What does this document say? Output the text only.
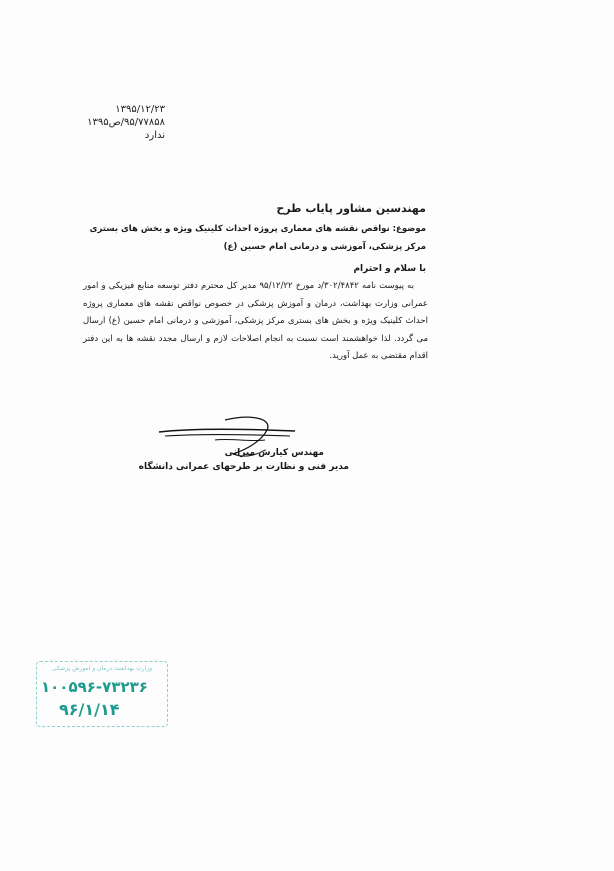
۱۳۹۵/۱۲/۲۳
۹۵/۷۷۸۵۸/ص۱۳۹۵
ندارد
مهندسین مشاور پایاب طرح
موضوع: نواقص نقشه های معماری پروژه احداث کلینیک ویژه و بخش های بستری مرکز پزشکی، آموزشی و درمانی امام حسین (ع)
با سلام و احترام

به پیوست نامه ۳۰۲/۴۸۴۲/د مورخ ۹۵/۱۲/۲۲ مدیر کل محترم دفتر توسعه منابع فیزیکی و امور عمرانی وزارت بهداشت، درمان و آموزش پزشکی در خصوص نواقص نقشه های معماری پروژه احداث کلینیک ویژه و بخش های بستری مرکز پزشکی، آموزشی و درمانی امام حسین (ع) ارسال می گردد. لذا خواهشمند است نسبت به انجام اصلاحات لازم و ارسال مجدد نقشه ها به این دفتر اقدام مقتضی به عمل آورید.

مهندس کیارش میرانی
مدیر فنی و نظارت بر طرحهای عمرانی دانشگاه
وزارت بهداشت درمان و آموزش پزشکی
۱۰۰۵۹۶-۷۳۲۳۶
۹۶/۱/۱۴
